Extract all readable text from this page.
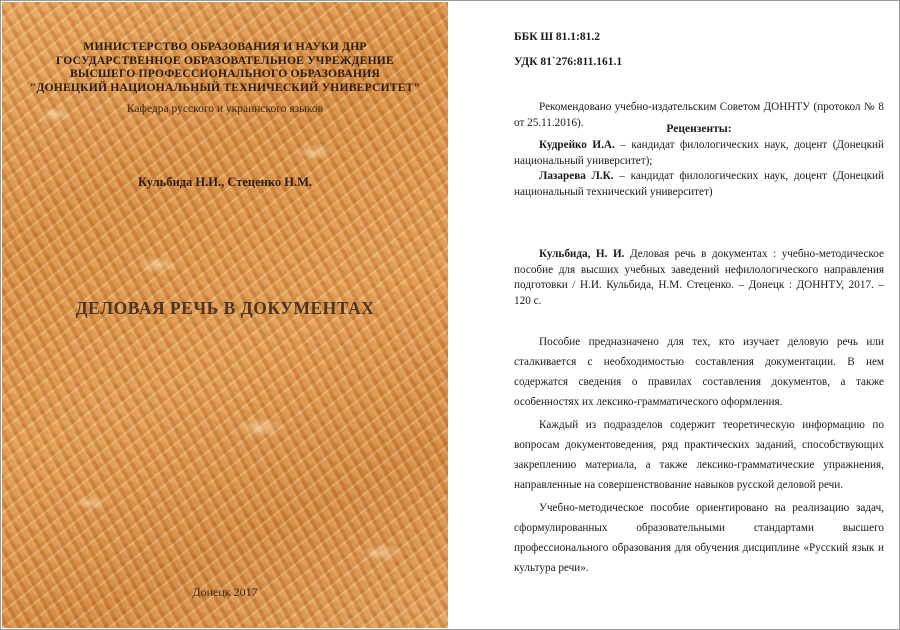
МИНИСТЕРСТВО ОБРАЗОВАНИЯ И НАУКИ ДНР
ГОСУДАРСТВЕННОЕ ОБРАЗОВАТЕЛЬНОЕ УЧРЕЖДЕНИЕ
ВЫСШЕГО ПРОФЕССИОНАЛЬНОГО ОБРАЗОВАНИЯ
"ДОНЕЦКИЙ НАЦИОНАЛЬНЫЙ ТЕХНИЧЕСКИЙ УНИВЕРСИТЕТ"
Кафедра русского и украинского языков
Кульбида Н.И., Стеценко Н.М.
ДЕЛОВАЯ РЕЧЬ В ДОКУМЕНТАХ
Донецк 2017
ББК Ш 81.1:81.2
УДК 81`276:811.161.1
Рекомендовано учебно-издательским Советом ДОННТУ (протокол № 8 от 25.11.2016).
Рецензенты:
Кудрейко И.А. – кандидат филологических наук, доцент (Донецкий национальный университет);
Лазарева Л.К. – кандидат филологических наук, доцент (Донецкий национальный технический университет)
Кульбида, Н. И. Деловая речь в документах : учебно-методическое пособие для высших учебных заведений нефилологического направления подготовки / Н.И. Кульбида, Н.М. Стеценко. – Донецк : ДОННТУ, 2017. – 120 с.

Пособие предназначено для тех, кто изучает деловую речь или сталкивается с необходимостью составления документации. В нем содержатся сведения о правилах составления документов, а также особенностях их лексико-грамматического оформления.

Каждый из подразделов содержит теоретическую информацию по вопросам документоведения, ряд практических заданий, способствующих закреплению материала, а также лексико-грамматические упражнения, направленные на совершенствование навыков русской деловой речи.

Учебно-методическое пособие ориентировано на реализацию задач, сформулированных образовательными стандартами высшего профессионального образования для обучения дисциплине «Русский язык и культура речи».
